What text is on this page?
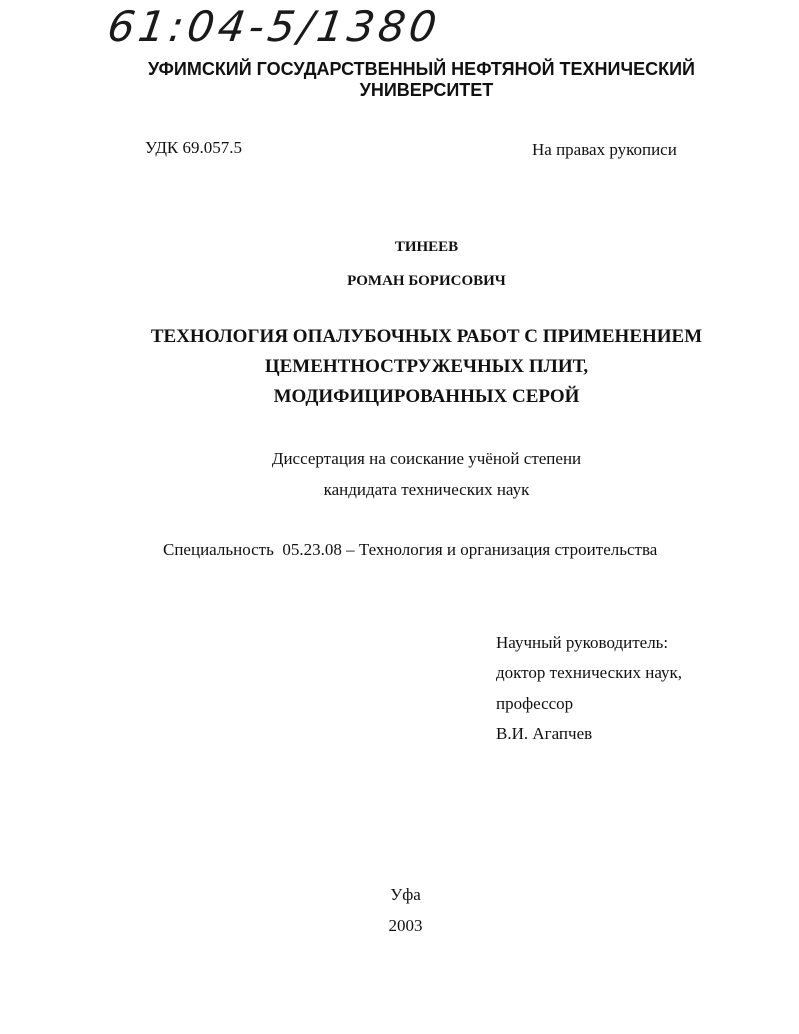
61:04-5/1380
УФИМСКИЙ ГОСУДАРСТВЕННЫЙ НЕФТЯНОЙ ТЕХНИЧЕСКИЙ
УНИВЕРСИТЕТ
УДК 69.057.5	На правах рукописи
ТИНЕЕВ
РОМАН БОРИСОВИЧ
ТЕХНОЛОГИЯ ОПАЛУБОЧНЫХ РАБОТ С ПРИМЕНЕНИЕМ
ЦЕМЕНТНОСТРУЖЕЧНЫХ ПЛИТ,
МОДИФИЦИРОВАННЫХ СЕРОЙ
Диссертация на соискание учёной степени
кандидата технических наук
Специальность  05.23.08 – Технология и организация строительства
Научный руководитель:
доктор технических наук,
профессор
В.И. Агапчев
Уфа
2003
